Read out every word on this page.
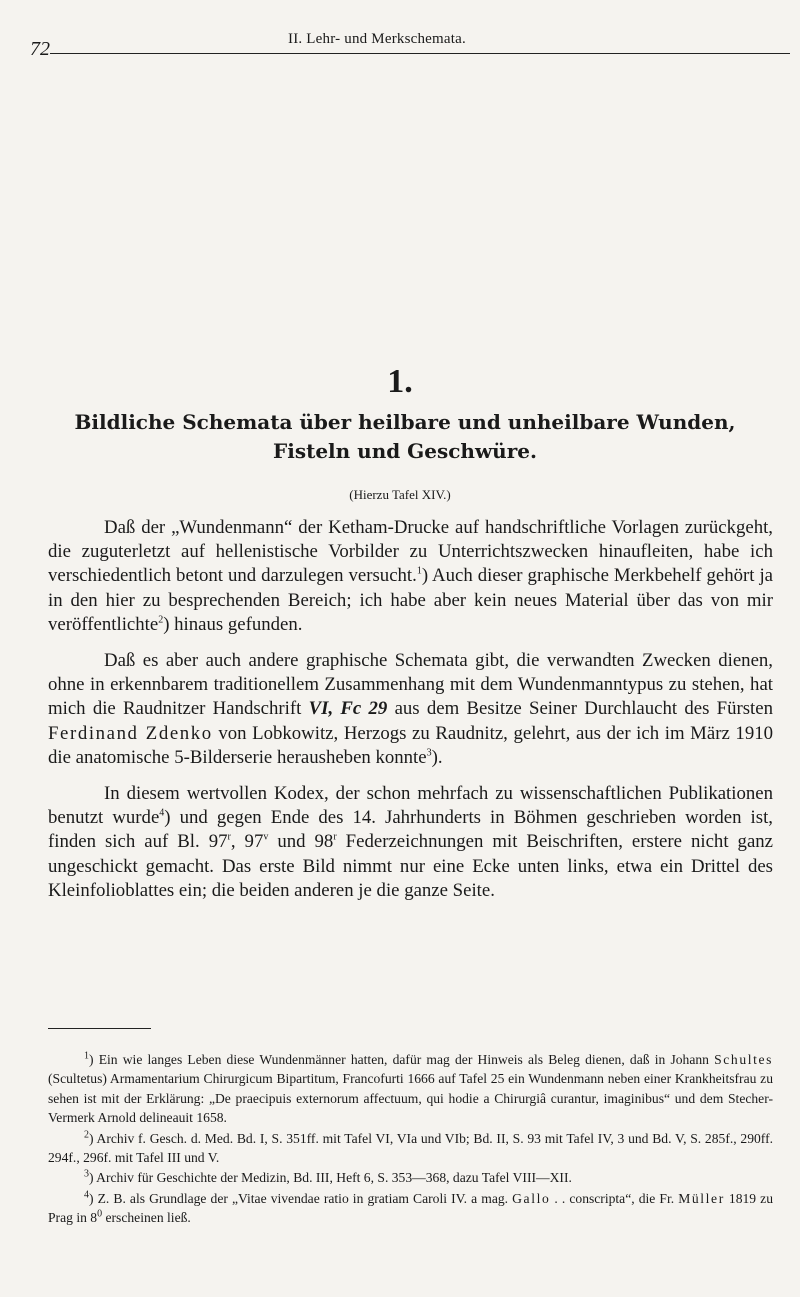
72	II. Lehr- und Merkschemata.
1.
Bildliche Schemata über heilbare und unheilbare Wunden,
Fisteln und Geschwüre.
(Hierzu Tafel XIV.)

Daß der „Wundenmann“ der Ketham-Drucke auf handschriftliche Vorlagen zurückgeht, die zuguterletzt auf hellenistische Vorbilder zu Unterrichtszwecken hinaufleiten, habe ich verschiedentlich betont und darzulegen versucht.$^1$) Auch dieser graphische Merkbehelf gehört ja in den hier zu besprechenden Bereich; ich habe aber kein neues Material über das von mir veröffentlichte$^2$) hinaus gefunden.

Daß es aber auch andere graphische Schemata gibt, die verwandten Zwecken dienen, ohne in erkennbarem traditionellem Zusammenhang mit dem Wundenmanntypus zu stehen, hat mich die Raudnitzer Handschrift VI, Fc 29 aus dem Besitze Seiner Durchlaucht des Fürsten Ferdinand Zdenko von Lobkowitz, Herzogs zu Raudnitz, gelehrt, aus der ich im März 1910 die anatomische 5-Bilderserie herausheben konnte$^3$).

In diesem wertvollen Kodex, der schon mehrfach zu wissenschaftlichen Publikationen benutzt wurde$^4$) und gegen Ende des 14. Jahrhunderts in Böhmen geschrieben worden ist, finden sich auf Bl. 97$^r$, 97$^v$ und 98$^r$ Federzeichnungen mit Beischriften, erstere nicht ganz ungeschickt gemacht. Das erste Bild nimmt nur eine Ecke unten links, etwa ein Drittel des Kleinfolioblattes ein; die beiden anderen je die ganze Seite.

$^1$) Ein wie langes Leben diese Wundenmänner hatten, dafür mag der Hinweis als Beleg dienen, daß in Johann Schultes (Scultetus) Armamentarium Chirurgicum Bipartitum, Francofurti 1666 auf Tafel 25 ein Wundenmann neben einer Krankheitsfrau zu sehen ist mit der Erklärung: „De praecipuis externorum affectuum, qui hodie a Chirurgiâ curantur, imaginibus“ und dem Stecher-Vermerk Arnold delineauit 1658.

$^2$) Archiv f. Gesch. d. Med. Bd. I, S. 351ff. mit Tafel VI, VIa und VIb; Bd. II, S. 93 mit Tafel IV, 3 und Bd. V, S. 285f., 290ff. 294f., 296f. mit Tafel III und V.

$^3$) Archiv für Geschichte der Medizin, Bd. III, Heft 6, S. 353—368, dazu Tafel VIII—XII.

$^4$) Z. B. als Grundlage der „Vitae vivendae ratio in gratiam Caroli IV. a mag. Gallo . . conscripta“, die Fr. Müller 1819 zu Prag in $8^0$ erscheinen ließ.
